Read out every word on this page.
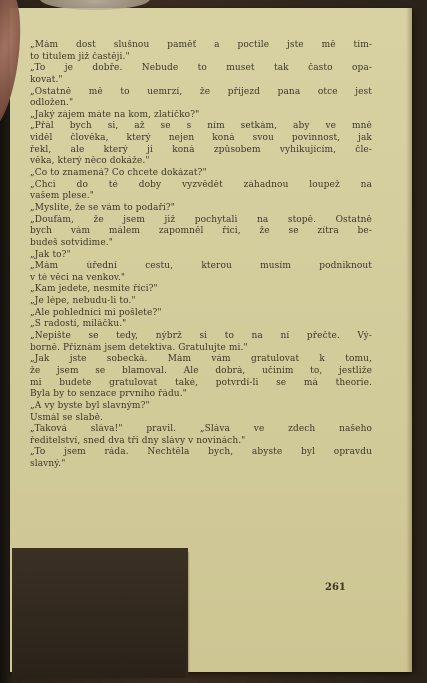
„Mám dost slušnou paměť a poctile jste mě tím-
to titulem již častěji."
„To je dobře. Nebude to muset tak často opa-
kovat."
„Ostatně mě to uemrzí, že příjezd pana otce jest
odložen."
„Jaký zájem máte na kom, zlatíčko?"
„Přál bych si, až se s ním setkám, aby ve mně
viděl člověka, který nejen koná svou povinnost, jak
řekl, ale který ji koná způsobem vyhikujícím, čle-
věka, který něco dokáže."
„Co to znamená? Co chcete dokázat?"
„Chci do té doby vyzvědět záhadnou loupež na
vašem plese."
„Myslíte, že se vám to podaří?"
„Doufám, že jsem již pochytali na stopě. Ostatně
bych vám málem zapomněl říci, že se zítra be-
budeš sotvidime."
„Jak to?"
„Mám úřední cestu, kterou musím podniknout
v té věci na venkov."
„Kam jedete, nesmíte říci?"
„Je lépe, nebudu-li to."
„Ale pohledníci mi pošlete?"
„S radostí, miláčku."
„Nepište se tedy, nýbrž si to na ní přečte. Vý-
borně. Přiznám jsem detektiva. Gratulujte mi."
„Jak jste sobecká. Mám vám gratulovat k tomu,
že jsem se blamoval. Ale dobrá, učiním to, jestliže
mi budete gratulovat také, potvrdí-li se má theorie.
Byla by to senzace prvního řádu."
„A vy byste byl slavným?"
Usmál se slabě.
„Taková sláva!" pravil. „Sláva ve zdech našeho
ředitelství, sned dva tři dny slávy v novinách."
„To jsem ráda. Nechtěla bych, abyste byl opravdu
slavný."
*
261
